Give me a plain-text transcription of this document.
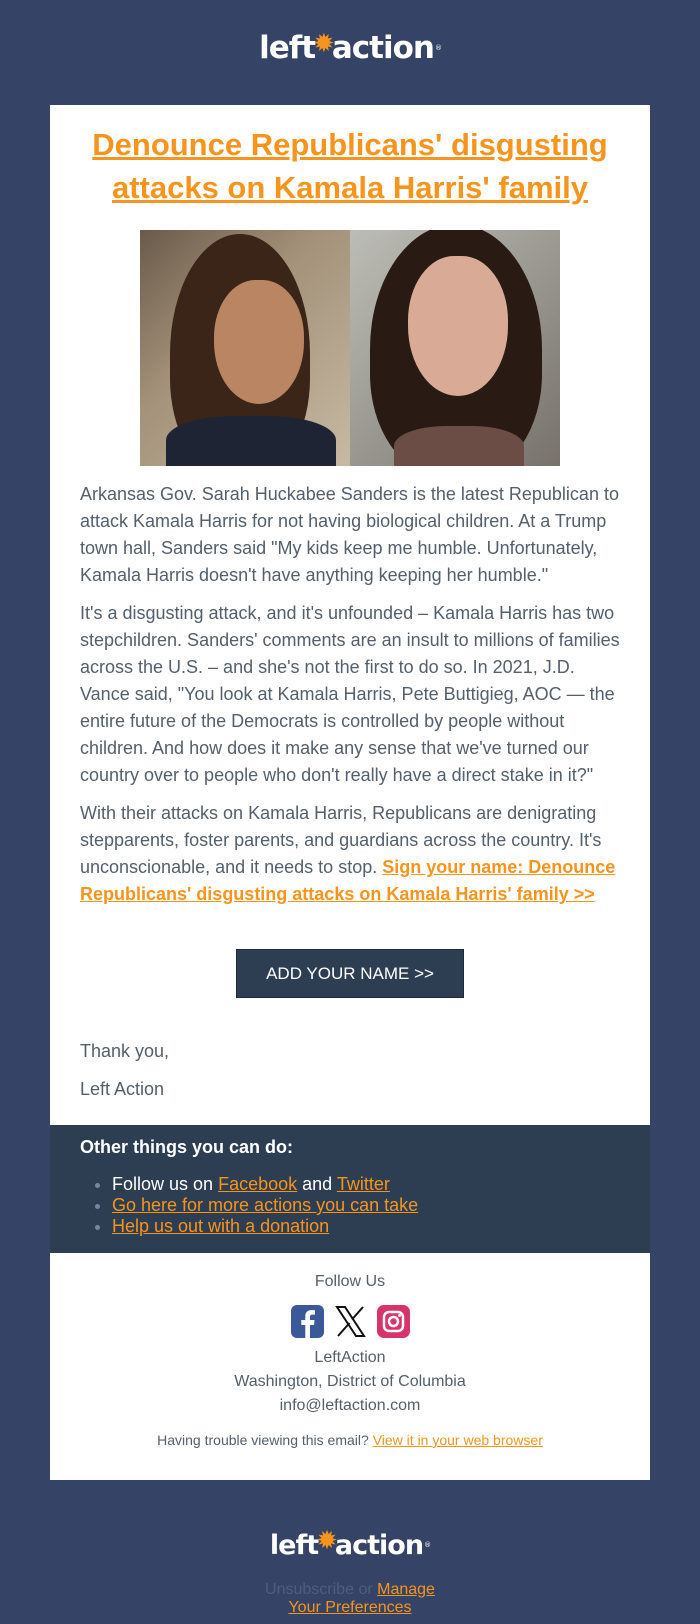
left
✹
action ®
Denounce Republicans' disgusting attacks on Kamala Harris' family

Arkansas Gov. Sarah Huckabee Sanders is the latest Republican to attack Kamala Harris for not having biological children. At a Trump town hall, Sanders said "My kids keep me humble. Unfortunately, Kamala Harris doesn't have anything keeping her humble."

It's a disgusting attack, and it's unfounded – Kamala Harris has two stepchildren. Sanders' comments are an insult to millions of families across the U.S. – and she's not the first to do so. In 2021, J.D. Vance said, "You look at Kamala Harris, Pete Buttigieg, AOC — the entire future of the Democrats is controlled by people without children. And how does it make any sense that we've turned our country over to people who don't really have a direct stake in it?"

With their attacks on Kamala Harris, Republicans are denigrating stepparents, foster parents, and guardians across the country. It's unconscionable, and it needs to stop. Sign your name: Denounce Republicans' disgusting attacks on Kamala Harris' family >>

ADD YOUR NAME >>

Thank you,

Left Action

Other things you can do:
• Follow us on Facebook and Twitter
• Go here for more actions you can take
• Help us out with a donation
Follow Us
LeftAction
Washington, District of Columbia
info@leftaction.com
Having trouble viewing this email? View it in your web browser
left
✹
action ®
Unsubscribe or Manage
Your Preferences
